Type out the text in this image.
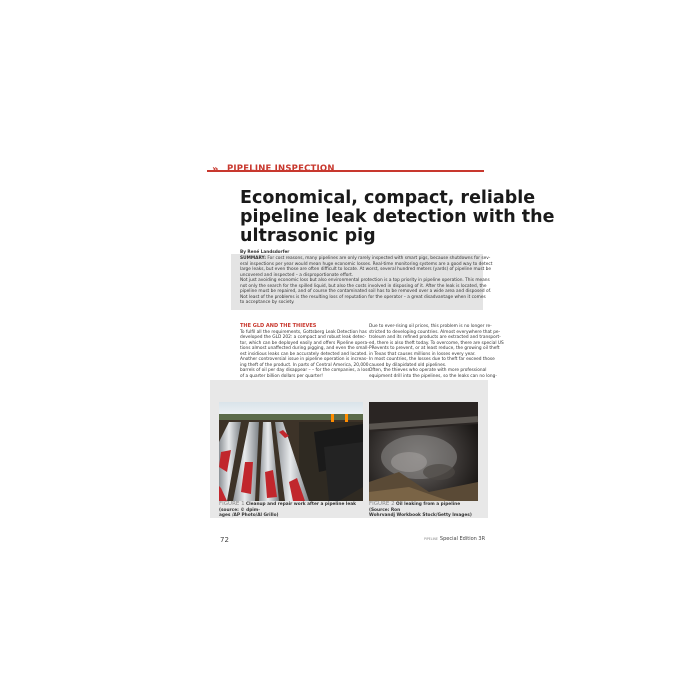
» PIPELINE INSPECTION
Economical, compact, reliable
pipeline leak detection with the
ultrasonic pig
By René Landsdorfer
SUMMARY: For cost reasons, many pipelines are only rarely inspected with smart pigs, because shutdowns for sev-
eral inspections per year would mean huge economic losses. Real-time monitoring systems are a good way to detect
large leaks, but even those are often difficult to locate. At worst, several hundred meters (yards) of pipeline must be
uncovered and inspected – a disproportionate effort.
Not just avoiding economic loss but also environmental protection is a top priority in pipeline operation. This means
not only the search for the spilled liquid, but also the costs involved in disposing of it. After the leak is located, the
pipeline must be repaired, and of course the contaminated soil has to be removed over a wide area and disposed of.
Not least of the problems is the resulting loss of reputation for the operator – a great disadvantage when it comes
to acceptance by society.
THE GLD AND THE THIEVES
To fulfil all the requirements, Gottsberg Leak Detection has
developed the GLD 202: a compact and robust leak detec-
tor, which can be deployed easily and offers Pipeline opera-
tions almost unaffected during pigging, and even the small-
est insidious leaks can be accurately detected and located.
Another controversial issue in pipeline operation is increas-
ing theft of the product. In parts of Central America, 20,000
barrels of oil per day disappear – – for the companies, a loss
of a quarter billion dollars per quarter!
Due to ever-rising oil prices, this problem is no longer re-
stricted to developing countries. Almost everywhere that pe-
troleum and its refined products are extracted and transport-
ed, there is also theft today. To overcome, there are special US
PRevents to prevent, or at least reduce, the growing oil theft
in Texas that causes millions in losses every year.
In most countries, the losses due to theft far exceed those
caused by dilapidated old pipelines.
Often, the thieves who operate with more professional
equipment drill into the pipelines, so the leaks can no long-
FIGURE 1 Cleanup and repair work after a pipeline leak (source: © dpim-
ages /AP Photo/Al Grillo)
FIGURE 2 Oil leaking from a pipeline (Source: Ron
Wohrvandj Workbook Stock/Getty Images)
72	PIPELINE Special Edition 3R
